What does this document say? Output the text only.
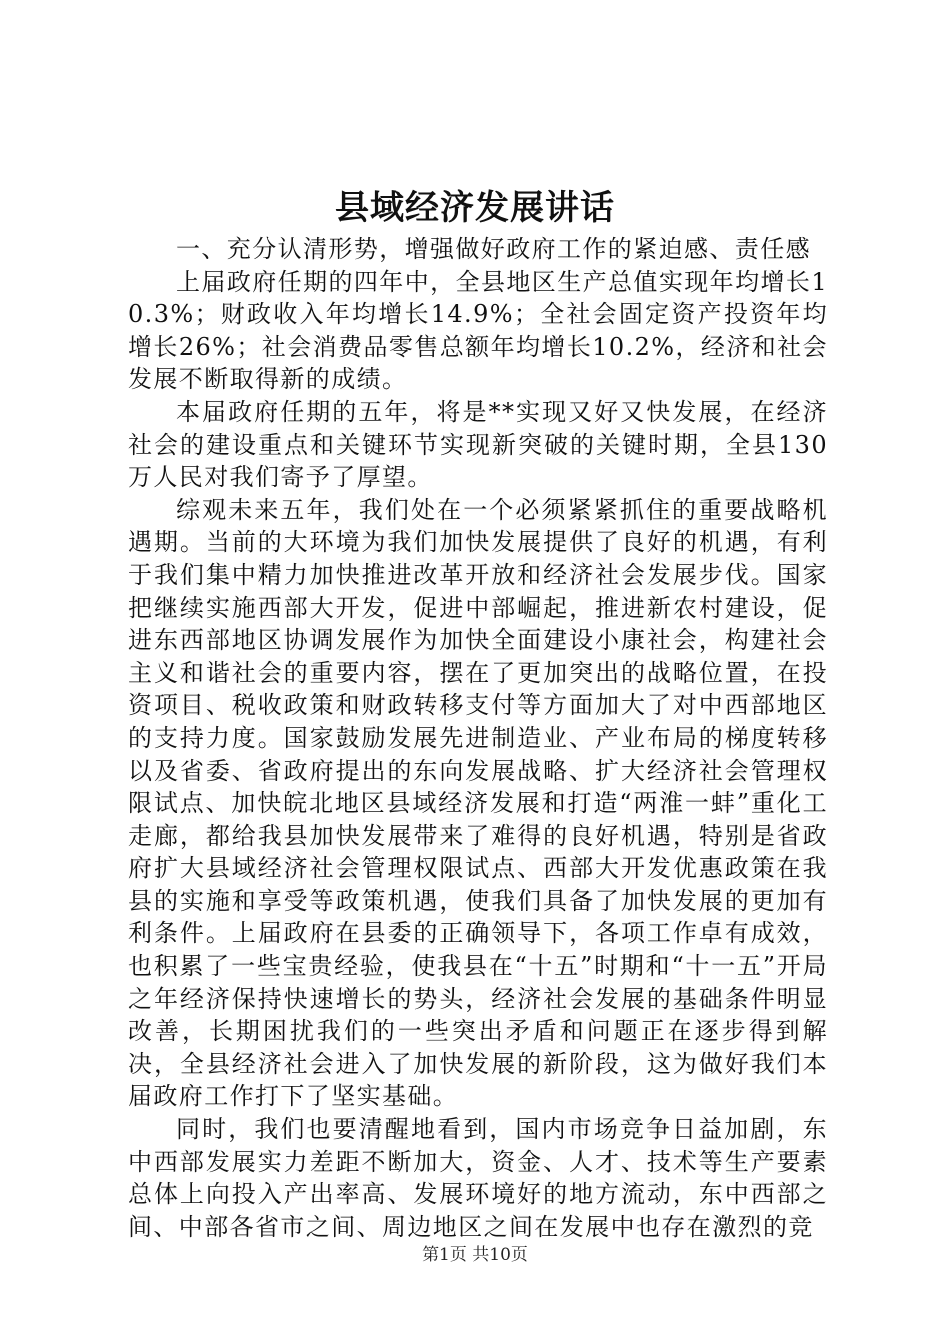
县域经济发展讲话

一、充分认清形势，增强做好政府工作的紧迫感、责任感

上届政府任期的四年中，全县地区生产总值实现年均增长10.3%；财政收入年均增长14.9%；全社会固定资产投资年均增长26%；社会消费品零售总额年均增长10.2%，经济和社会发展不断取得新的成绩。

本届政府任期的五年，将是**实现又好又快发展，在经济社会的建设重点和关键环节实现新突破的关键时期，全县130万人民对我们寄予了厚望。

综观未来五年，我们处在一个必须紧紧抓住的重要战略机遇期。当前的大环境为我们加快发展提供了良好的机遇，有利于我们集中精力加快推进改革开放和经济社会发展步伐。国家把继续实施西部大开发，促进中部崛起，推进新农村建设，促进东西部地区协调发展作为加快全面建设小康社会，构建社会主义和谐社会的重要内容，摆在了更加突出的战略位置，在投资项目、税收政策和财政转移支付等方面加大了对中西部地区的支持力度。国家鼓励发展先进制造业、产业布局的梯度转移以及省委、省政府提出的东向发展战略、扩大经济社会管理权限试点、加快皖北地区县域经济发展和打造“两淮一蚌”重化工走廊，都给我县加快发展带来了难得的良好机遇，特别是省政府扩大县域经济社会管理权限试点、西部大开发优惠政策在我县的实施和享受等政策机遇，使我们具备了加快发展的更加有利条件。上届政府在县委的正确领导下，各项工作卓有成效，也积累了一些宝贵经验，使我县在“十五”时期和“十一五”开局之年经济保持快速增长的势头，经济社会发展的基础条件明显改善，长期困扰我们的一些突出矛盾和问题正在逐步得到解决，全县经济社会进入了加快发展的新阶段，这为做好我们本届政府工作打下了坚实基础。

同时，我们也要清醒地看到，国内市场竞争日益加剧，东中西部发展实力差距不断加大，资金、人才、技术等生产要素总体上向投入产出率高、发展环境好的地方流动，东中西部之间、中部各省市之间、周边地区之间在发展中也存在激烈的竞

第1页 共10页
